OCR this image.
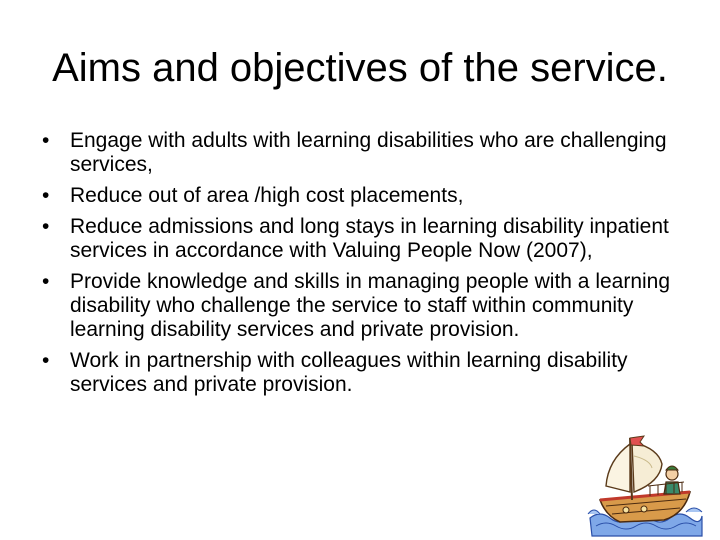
Aims and objectives of the service.
• Engage with adults with learning disabilities who are challenging services,
• Reduce out of area /high cost placements,
• Reduce admissions and long stays in learning disability inpatient services in accordance with Valuing People Now (2007),
• Provide knowledge and skills in managing people with a learning disability who challenge the service to staff within community learning disability services and private provision.
• Work in partnership with colleagues within learning disability services and private provision.
